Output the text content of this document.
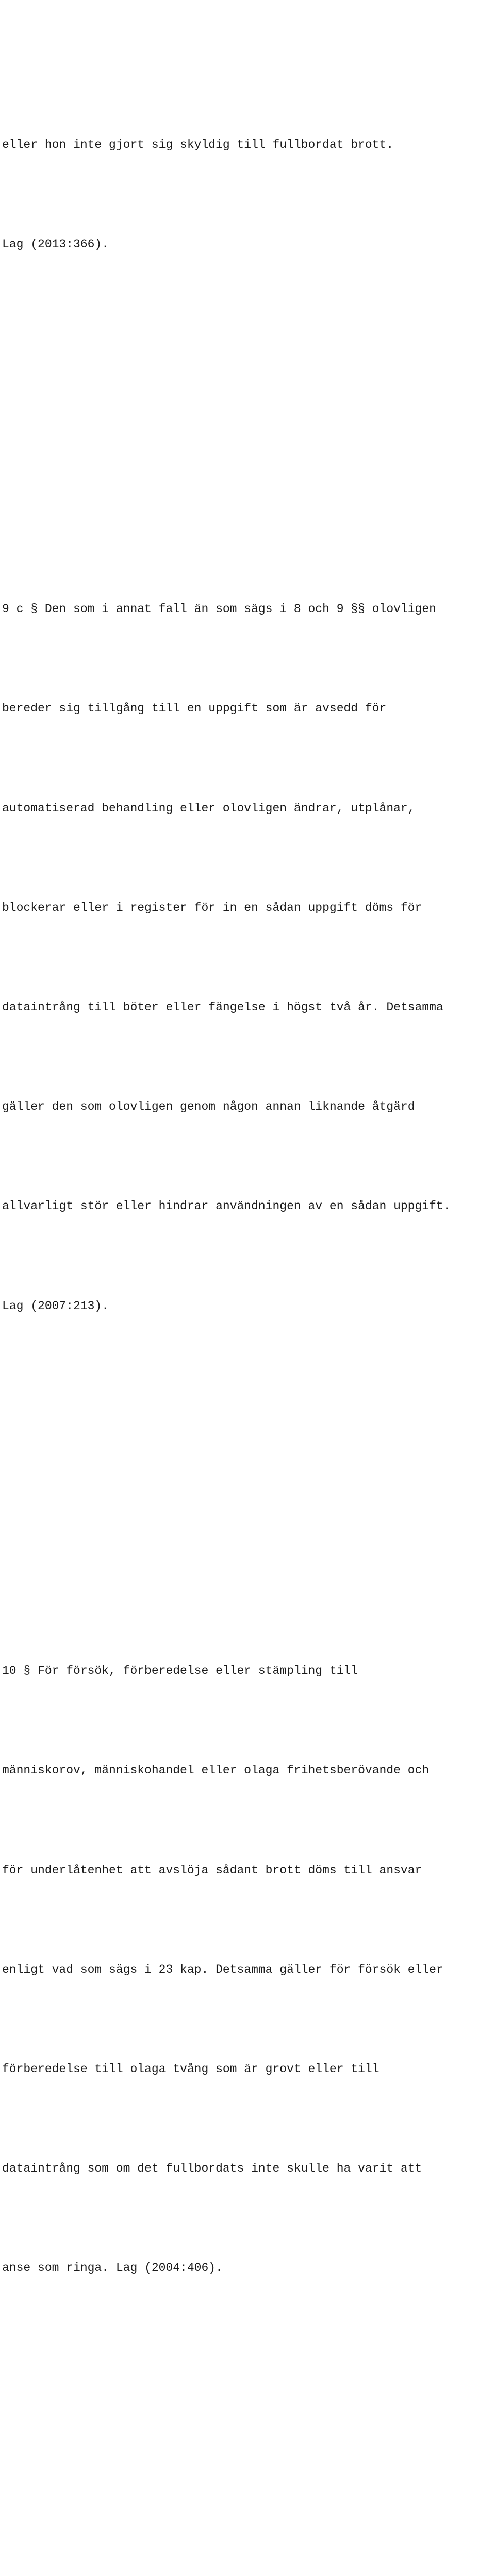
eller hon inte gjort sig skyldig till fullbordat brott.

Lag (2013:366).

9 c § Den som i annat fall än som sägs i 8 och 9 §§ olovligen

bereder sig tillgång till en uppgift som är avsedd för

automatiserad behandling eller olovligen ändrar, utplånar,

blockerar eller i register för in en sådan uppgift döms för

dataintrång till böter eller fängelse i högst två år. Detsamma

gäller den som olovligen genom någon annan liknande åtgärd

allvarligt stör eller hindrar användningen av en sådan uppgift.

Lag (2007:213).

10 § För försök, förberedelse eller stämpling till

människorov, människohandel eller olaga frihetsberövande och

för underlåtenhet att avslöja sådant brott döms till ansvar

enligt vad som sägs i 23 kap. Detsamma gäller för försök eller

förberedelse till olaga tvång som är grovt eller till

dataintrång som om det fullbordats inte skulle ha varit att

anse som ringa. Lag (2004:406).
